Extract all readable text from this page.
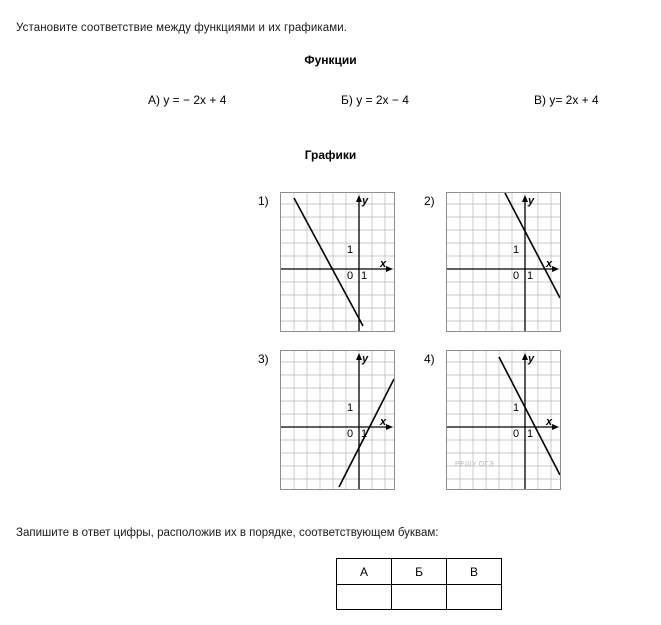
Установите соответствие между функциями и их графиками.
Функции
А) y = − 2x + 4	Б) y = 2x − 4	В) y= 2x + 4
Графики
1)
0 1
1
x
y	2)
0 1
1
x
y
3)
0 1
1
x
y	4)
0 1
1
x
y
РЕШУ ОГЭ
Запишите в ответ цифры, расположив их в порядке, соответствующем буквам:
А	Б	В
